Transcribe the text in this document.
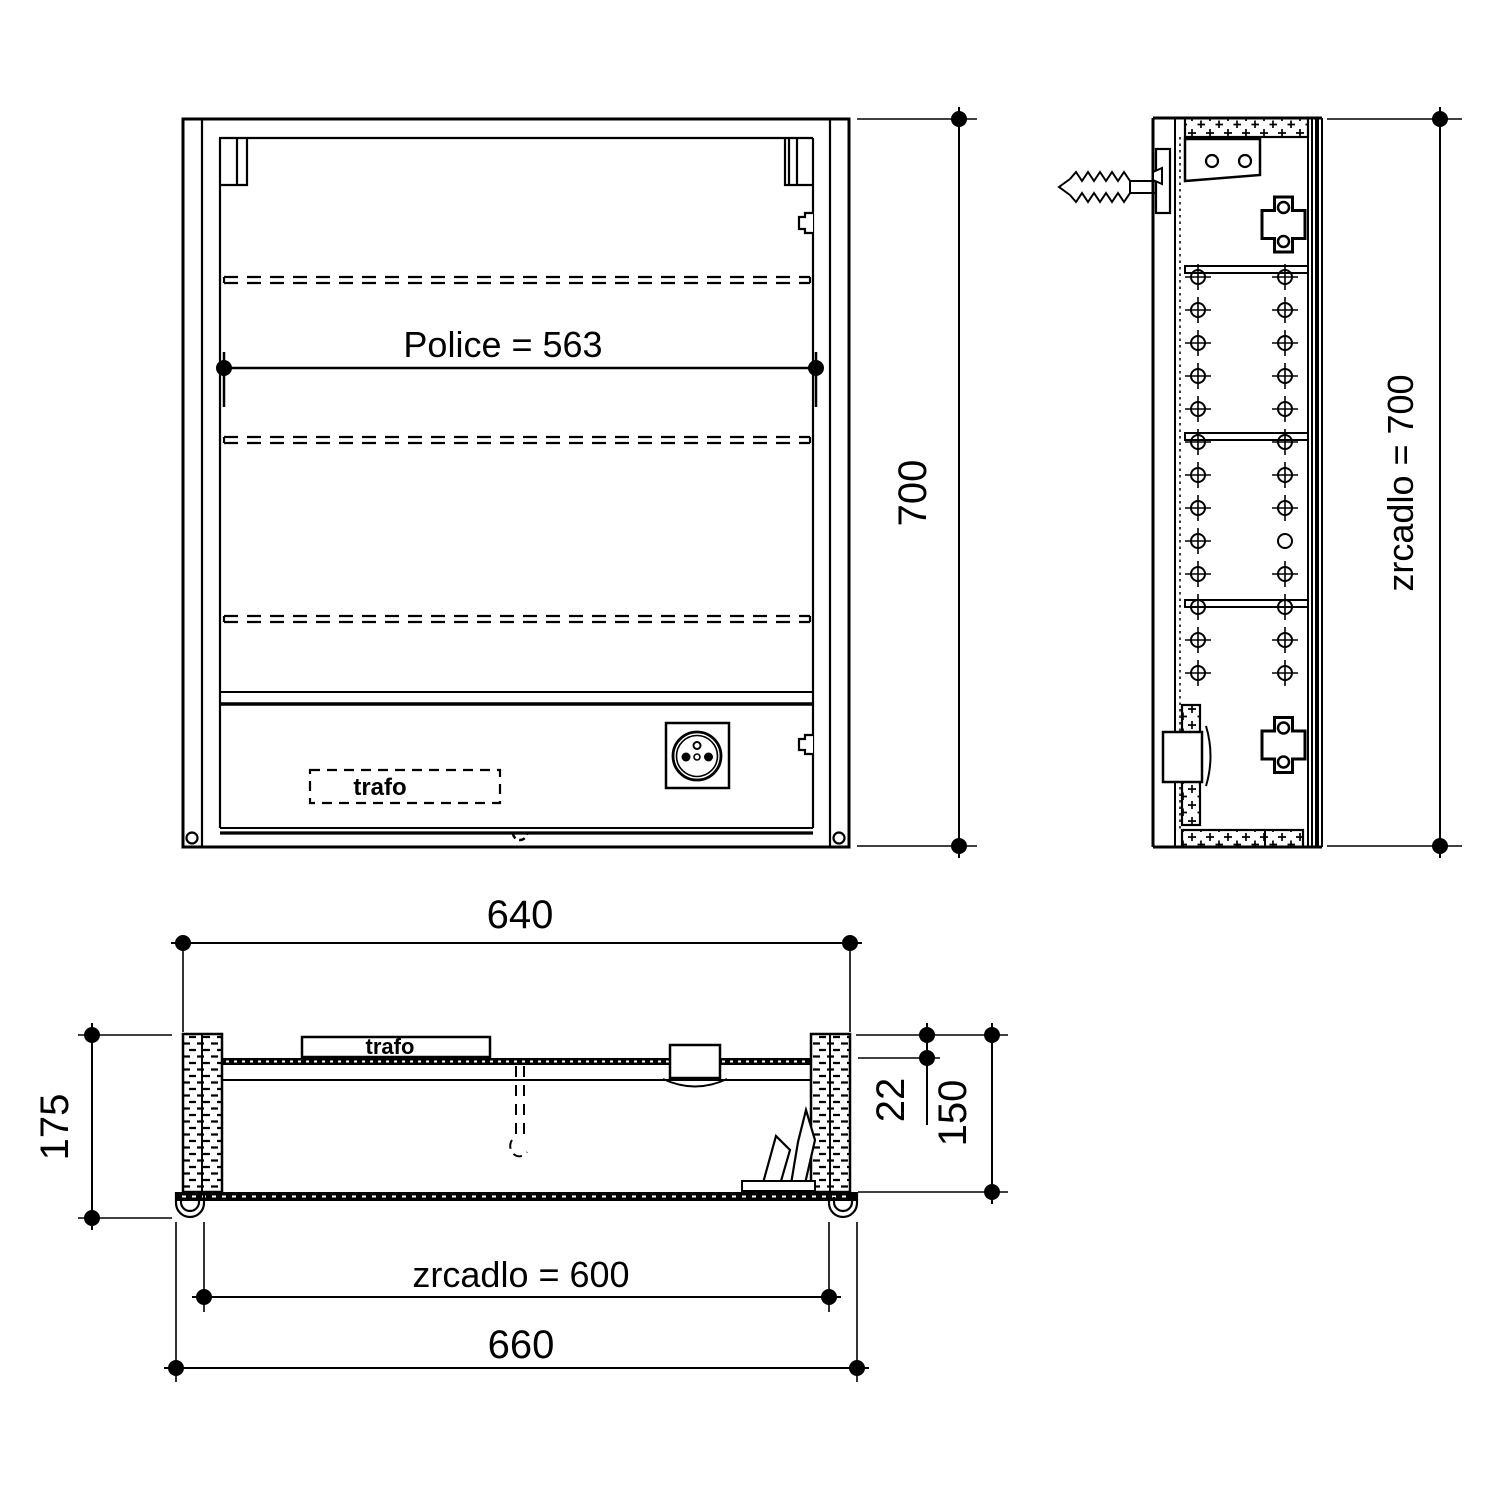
Police = 563
trafo
700	zrcadlo = 700
trafo
640
175	22 150
zrcadlo = 600
660
